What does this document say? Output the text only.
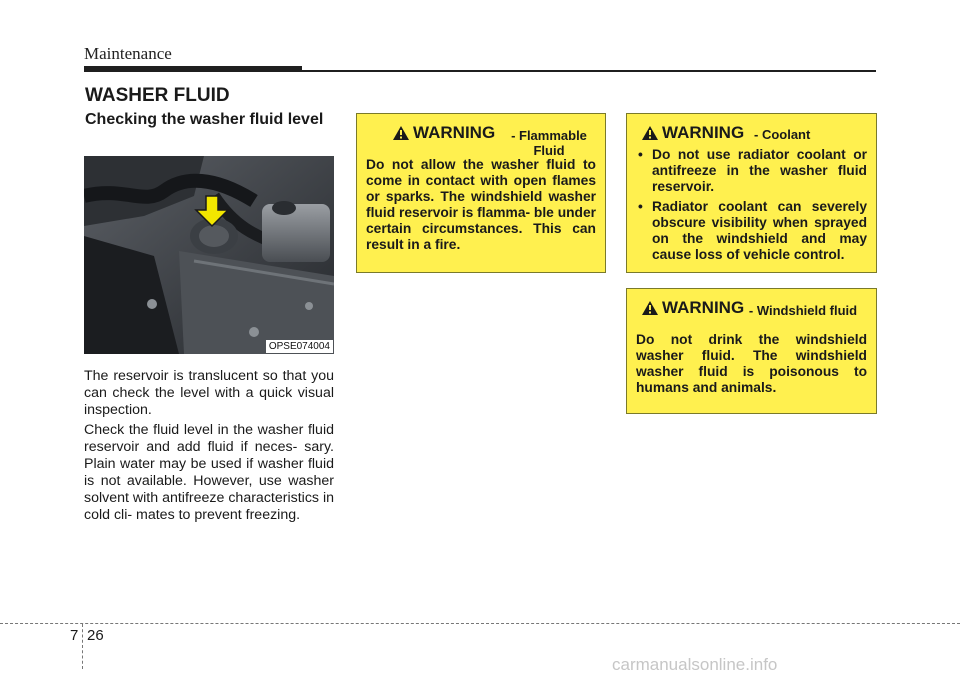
Maintenance
WASHER FLUID
Checking the washer fluid level
OPSE074004

The reservoir is translucent so that you can check the level with a quick visual inspection.

Check the fluid level in the washer fluid reservoir and add fluid if neces- sary. Plain water may be used if washer fluid is not available. However, use washer solvent with antifreeze characteristics in cold cli- mates to prevent freezing.

WARNING	- Flammable Fluid

Do not allow the washer fluid to come in contact with open flames or sparks. The windshield washer fluid reservoir is flamma- ble under certain circumstances. This can result in a fire.

WARNING - Coolant
• Do not use radiator coolant or antifreeze in the washer fluid reservoir.
• Radiator coolant can severely obscure visibility when sprayed on the windshield and may cause loss of vehicle control.
WARNING - Windshield fluid

Do not drink the windshield washer fluid. The windshield washer fluid is poisonous to humans and animals.

7 26
carmanualsonline.info
